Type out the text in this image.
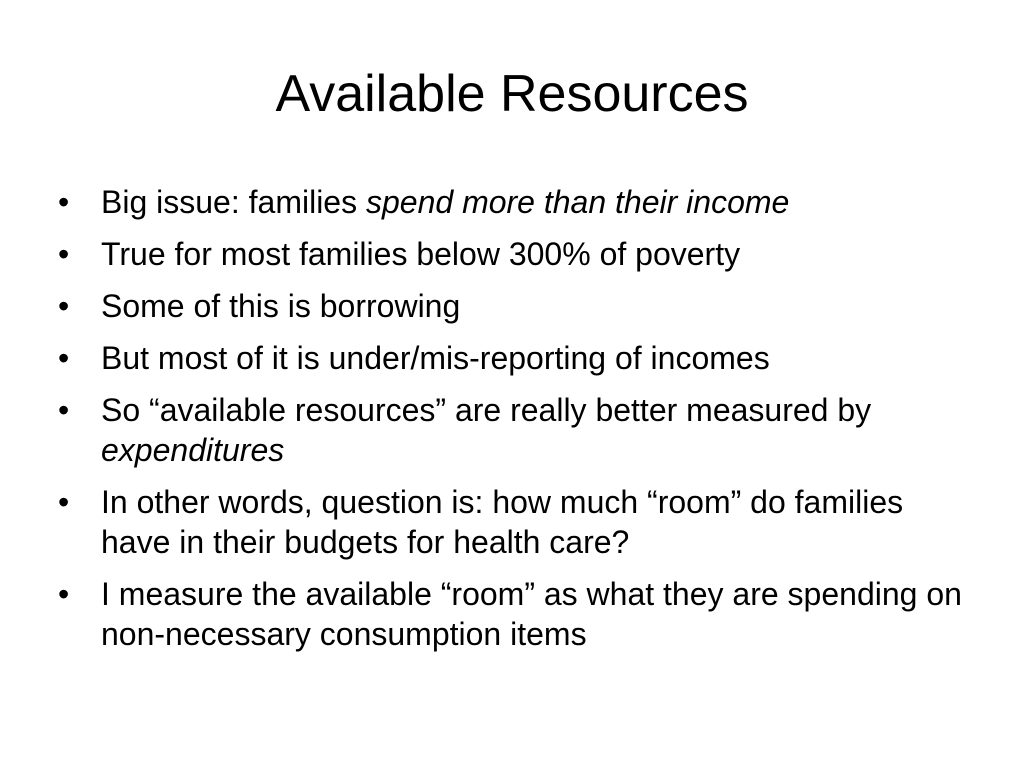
Available Resources
• Big issue: families spend more than their income
• True for most families below 300% of poverty
• Some of this is borrowing
• But most of it is under/mis-reporting of incomes
• So “available resources” are really better measured by expenditures
• In other words, question is: how much “room” do families have in their budgets for health care?
• I measure the available “room” as what they are spending on non-necessary consumption items
